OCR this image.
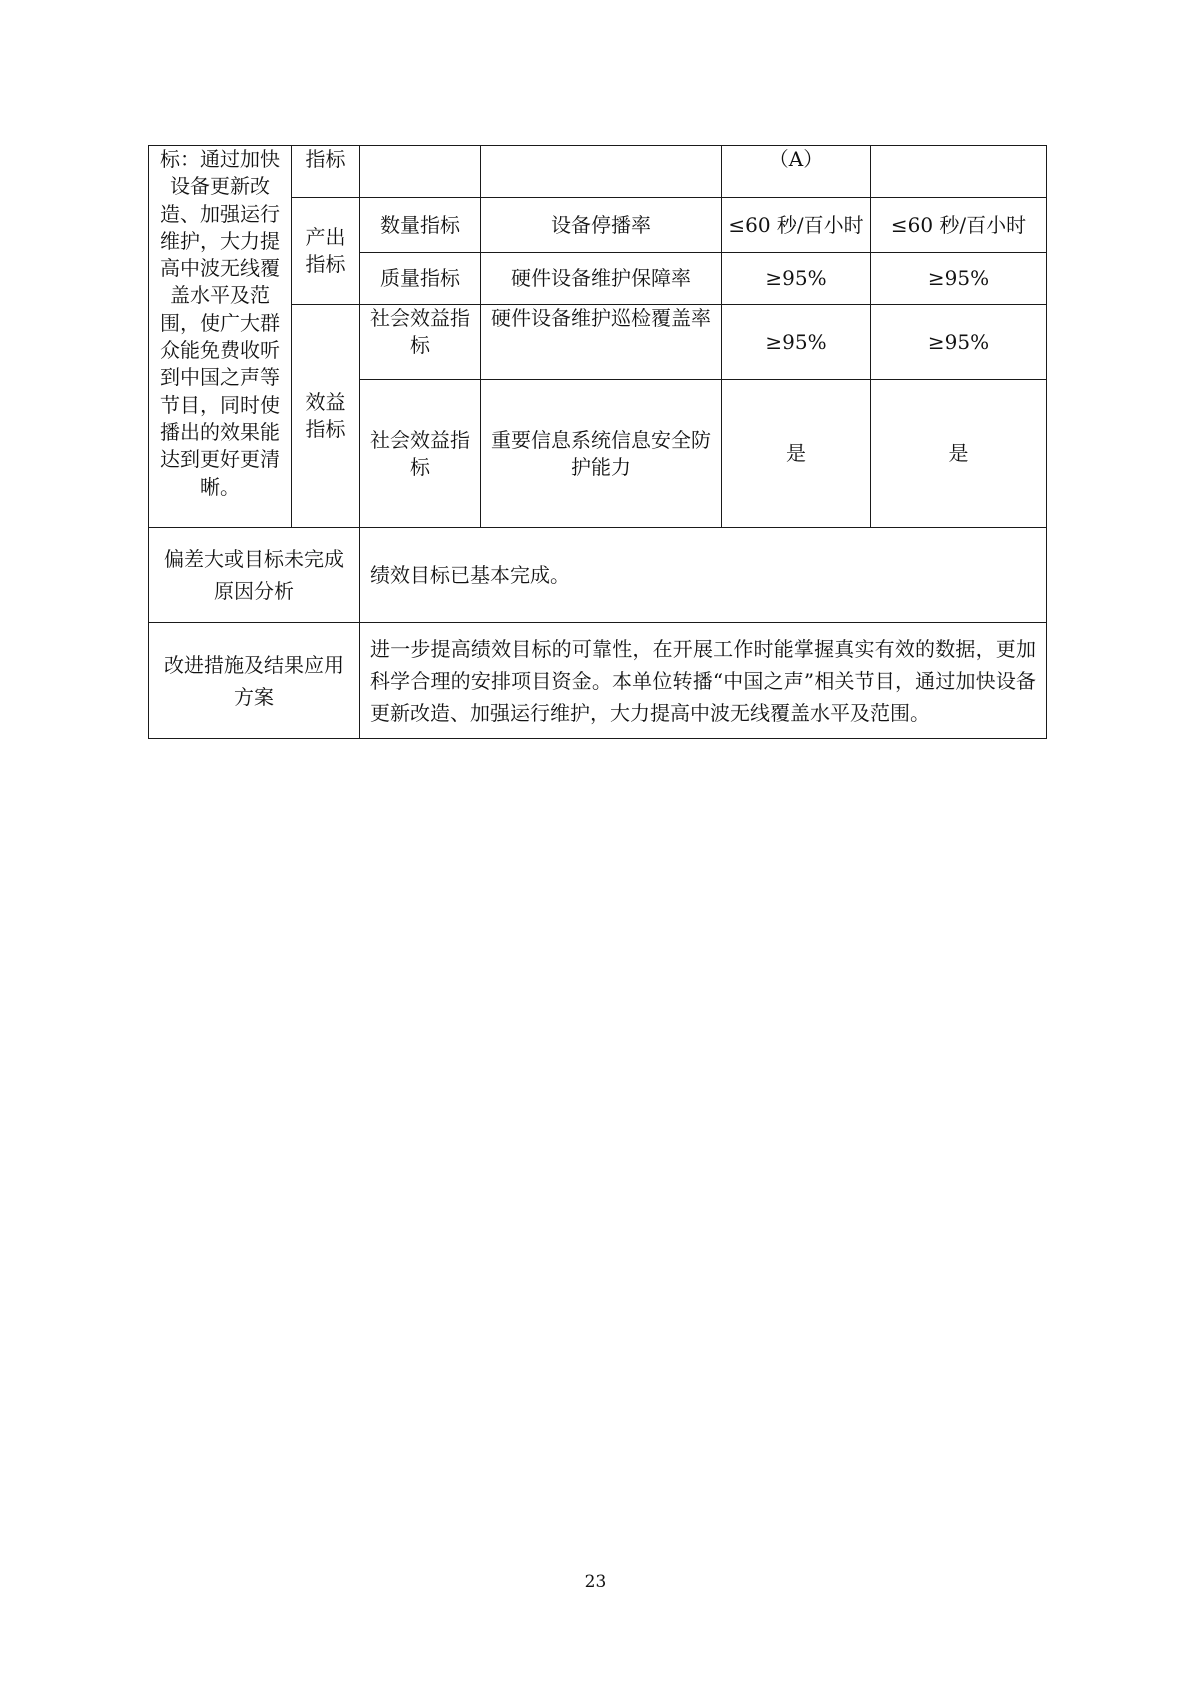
标：通过加快设备更新改造、加强运行维护，大力提高中波无线覆盖水平及范围，使广大群众能免费收听到中国之声等节目，同时使播出的效果能达到更好更清晰。	指标			（A）	
	产出指标	数量指标	设备停播率	≤60 秒/百小时	≤60 秒/百小时
		质量指标	硬件设备维护保障率	≥95%	≥95%
	效益指标	社会效益指标	硬件设备维护巡检覆盖率	≥95%	≥95%
		社会效益指标	重要信息系统信息安全防护能力	是	是
偏差大或目标未完成原因分析		绩效目标已基本完成。			
改进措施及结果应用方案		进一步提高绩效目标的可靠性，在开展工作时能掌握真实有效的数据，更加科学合理的安排项目资金。本单位转播“中国之声”相关节目，通过加快设备更新改造、加强运行维护，大力提高中波无线覆盖水平及范围。			
23
